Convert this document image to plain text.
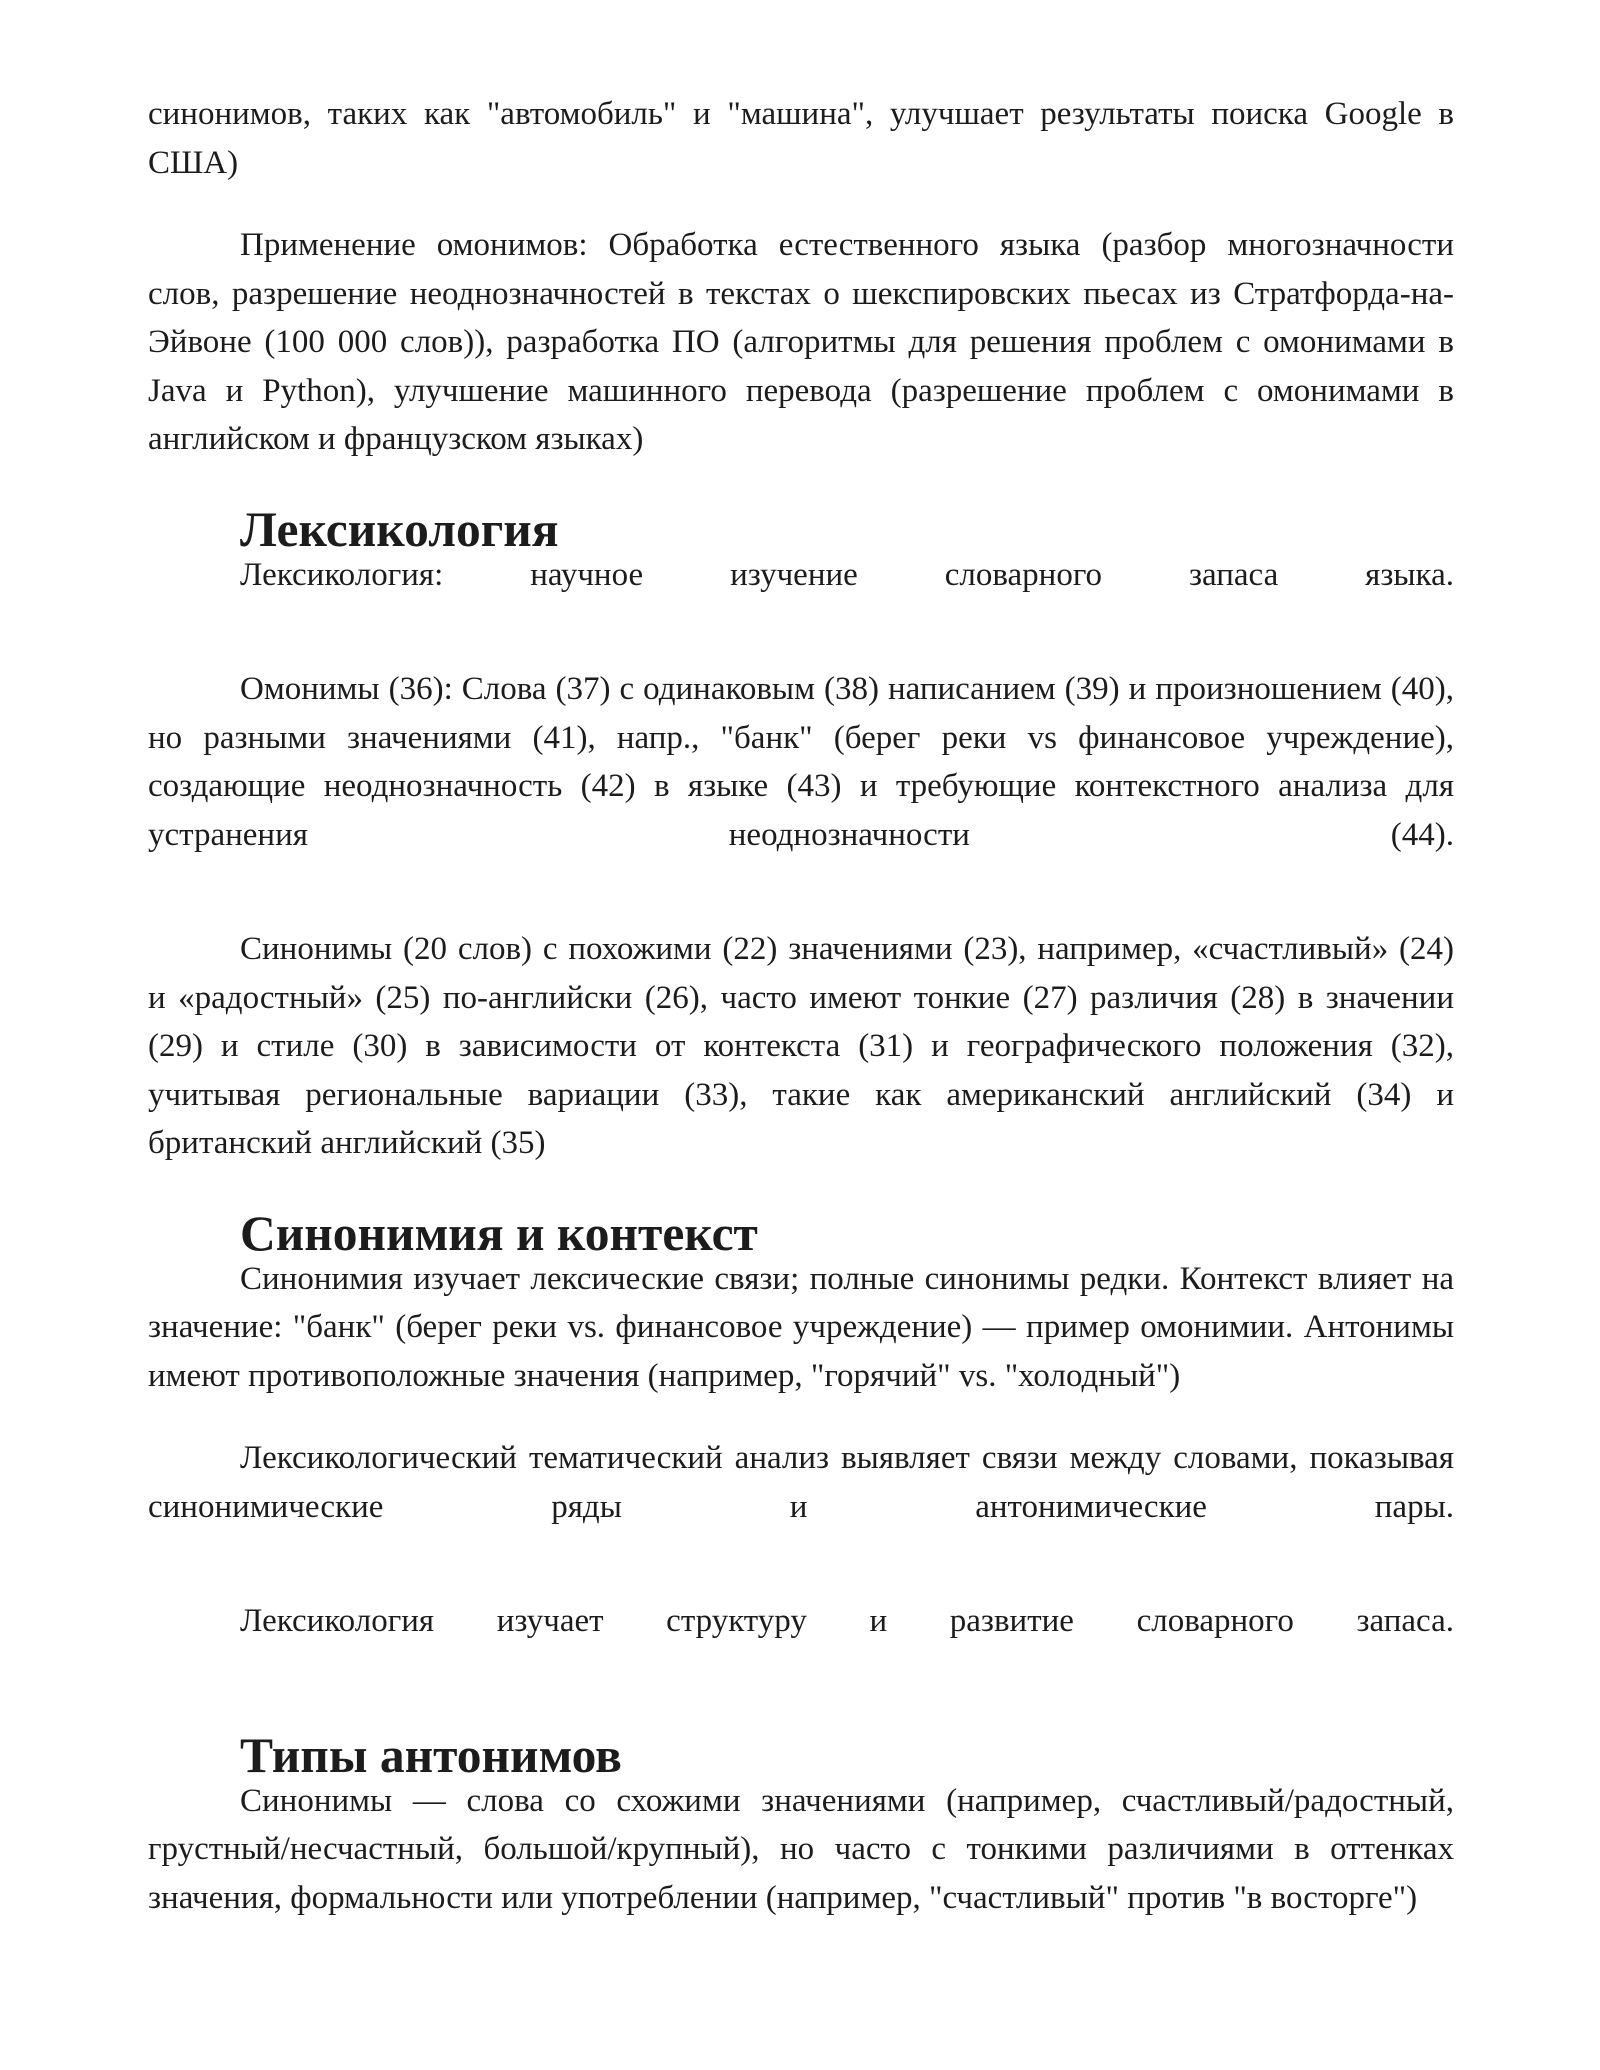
синонимов, таких как "автомобиль" и "машина", улучшает результаты поиска Google в США)

Применение омонимов: Обработка естественного языка (разбор многозначности слов, разрешение неоднозначностей в текстах о шекспировских пьесах из Стратфорда-на-Эйвоне (100 000 слов)), разработка ПО (алгоритмы для решения проблем с омонимами в Java и Python), улучшение машинного перевода (разрешение проблем с омонимами в английском и французском языках)

Лексикология

Лексикология: научное изучение словарного запаса языка.

Омонимы (36): Слова (37) с одинаковым (38) написанием (39) и произношением (40), но разными значениями (41), напр., "банк" (берег реки vs финансовое учреждение), создающие неоднозначность (42) в языке (43) и требующие контекстного анализа для устранения неоднозначности (44).

Синонимы (20 слов) с похожими (22) значениями (23), например, «счастливый» (24) и «радостный» (25) по-английски (26), часто имеют тонкие (27) различия (28) в значении (29) и стиле (30) в зависимости от контекста (31) и географического положения (32), учитывая региональные вариации (33), такие как американский английский (34) и британский английский (35)

Синонимия и контекст

Синонимия изучает лексические связи; полные синонимы редки. Контекст влияет на значение: "банк" (берег реки vs. финансовое учреждение) — пример омонимии. Антонимы имеют противоположные значения (например, "горячий" vs. "холодный")

Лексикологический тематический анализ выявляет связи между словами, показывая синонимические ряды и антонимические пары.

Лексикология изучает структуру и развитие словарного запаса.

Типы антонимов

Синонимы — слова со схожими значениями (например, счастливый/радостный, грустный/несчастный, большой/крупный), но часто с тонкими различиями в оттенках значения, формальности или употреблении (например, "счастливый" против "в восторге")
